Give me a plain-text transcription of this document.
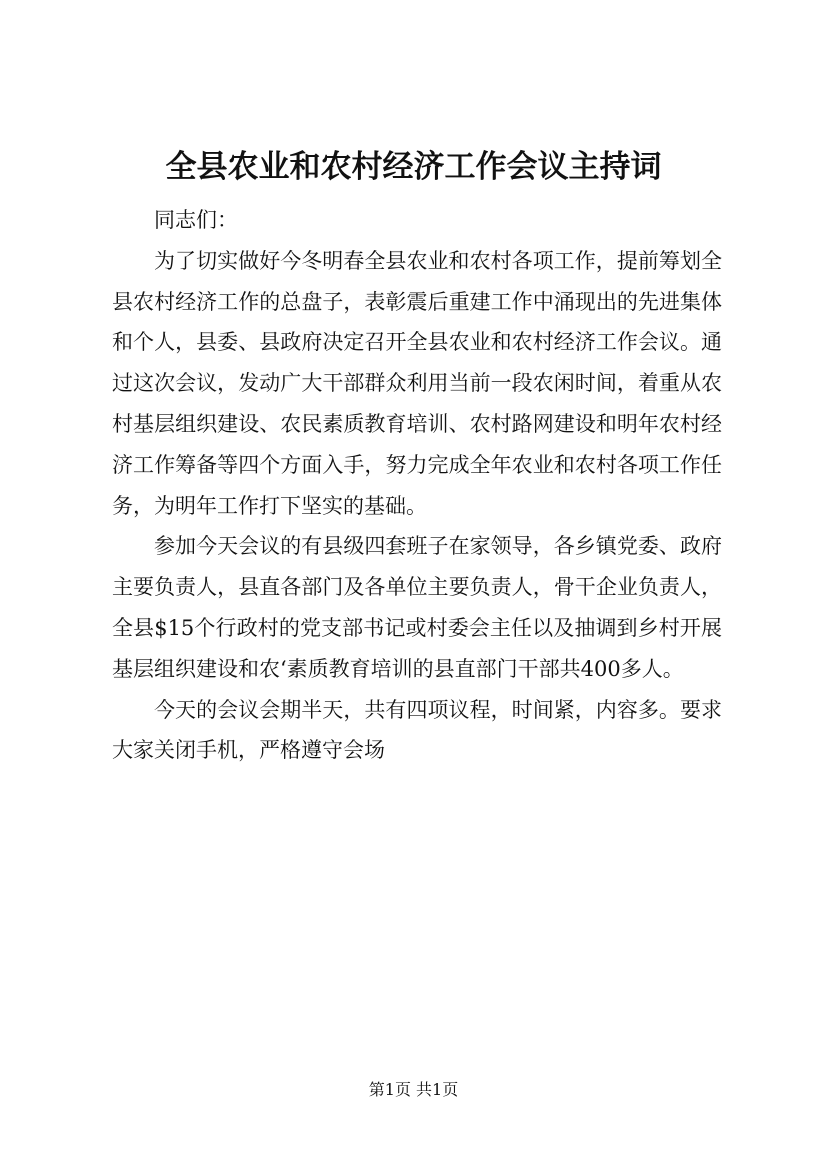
全县农业和农村经济工作会议主持词

同志们：

为了切实做好今冬明春全县农业和农村各项工作，提前筹划全县农村经济工作的总盘子，表彰震后重建工作中涌现出的先进集体和个人，县委、县政府决定召开全县农业和农村经济工作会议。通过这次会议，发动广大干部群众利用当前一段农闲时间，着重从农村基层组织建设、农民素质教育培训、农村路网建设和明年农村经济工作筹备等四个方面入手，努力完成全年农业和农村各项工作任务，为明年工作打下坚实的基础。

参加今天会议的有县级四套班子在家领导，各乡镇党委、政府主要负责人，县直各部门及各单位主要负责人，骨干企业负责人，全县$15个行政村的党支部书记或村委会主任以及抽调到乡村开展基层组织建设和农‘素质教育培训的县直部门干部共400多人。

今天的会议会期半天，共有四项议程，时间紧，内容多。要求大家关闭手机，严格遵守会场

第1页 共1页
